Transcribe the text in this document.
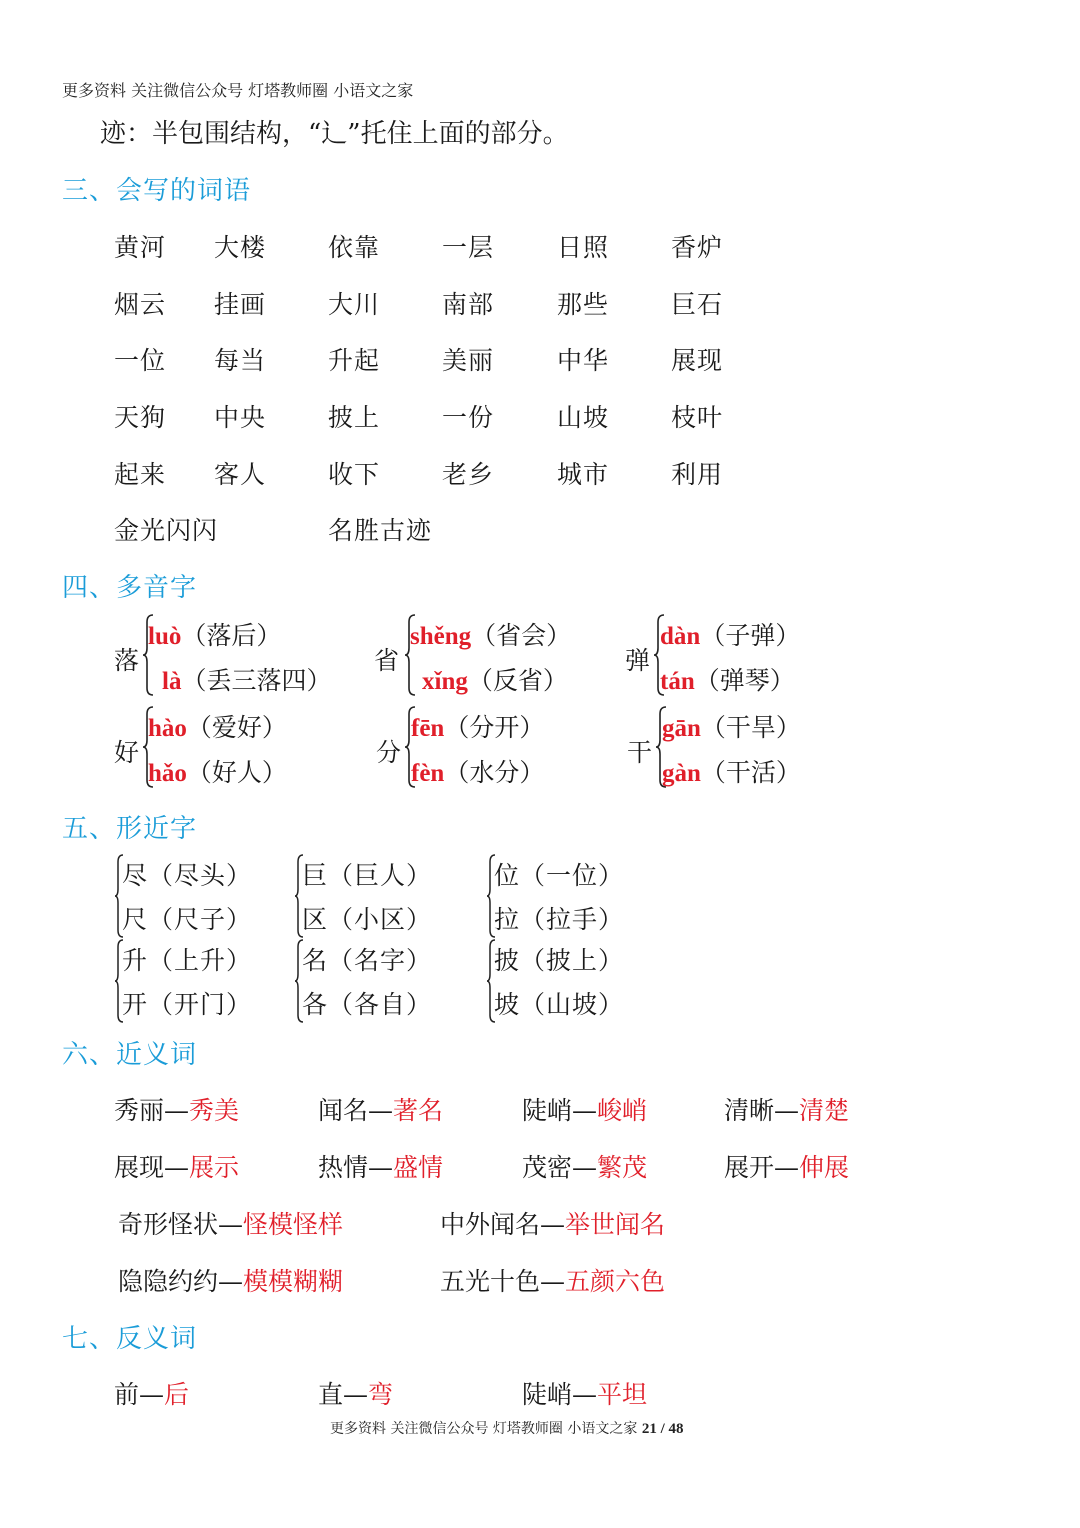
更多资料 关注微信公众号 灯塔教师圈 小语文之家
迹：半包围结构，“辶”托住上面的部分。
三、会写的词语
黄河 大楼 依靠 一层	日照 香炉
烟云 挂画 大川 南部	那些 巨石
一位 每当 升起 美丽	中华 展现
天狗 中央 披上 一份	山坡 枝叶
起来 客人 收下 老乡	城市 利用
金光闪闪	名胜古迹
四、多音字
落
luò（落后）
là（丢三落四）
省
shěng（省会）
xǐng（反省）
弹
dàn（子弹）
tán（弹琴）
好
hào（爱好）
hǎo（好人）
分
fēn（分开）
fèn（水分）
干
gān（干旱）
gàn（干活）
五、形近字
尽（尽头）
尺（尺子）
巨（巨人）
区（小区）
位（一位）
拉（拉手）
升（上升）
开（开门）
名（名字）
各（各自）
披（披上）
坡（山坡）
六、近义词
秀丽—秀美	闻名—著名	陡峭—峻峭	清晰—清楚
展现—展示	热情—盛情	茂密—繁茂	展开—伸展
奇形怪状—怪模怪样	中外闻名—举世闻名
隐隐约约—模模糊糊	五光十色—五颜六色
七、反义词
前—后	直—弯	陡峭—平坦
更多资料 关注微信公众号 灯塔教师圈 小语文之家 21 / 48
